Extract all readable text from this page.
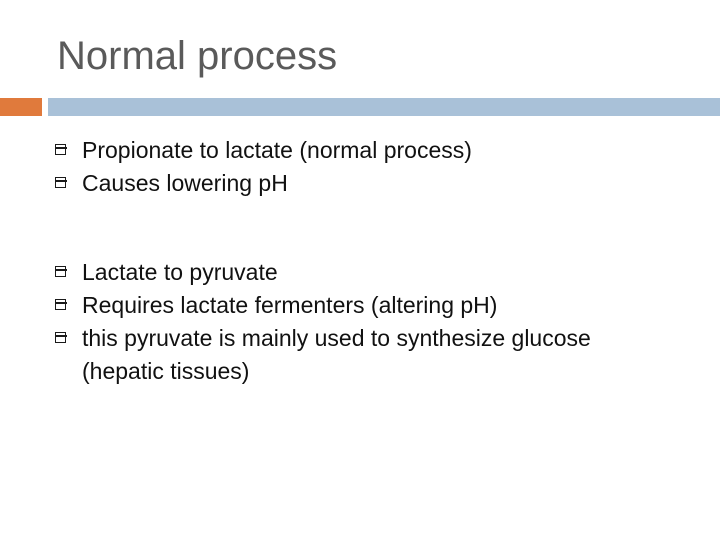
Normal process
Propionate to lactate (normal process)
Causes lowering pH
Lactate to pyruvate
Requires lactate fermenters (altering pH)
this pyruvate is mainly used to synthesize glucose (hepatic tissues)
